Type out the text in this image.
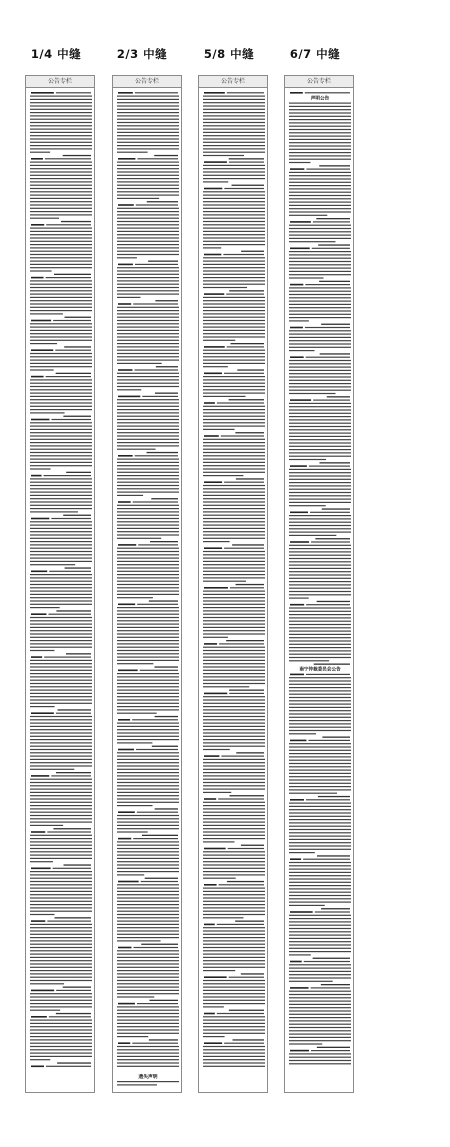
1/4 中缝	2/3 中缝	5/8 中缝	6/7 中缝
公告专栏	公告专栏
遗失声明
公告专栏	公告专栏
声明公告
南宁仲裁委员会公告
